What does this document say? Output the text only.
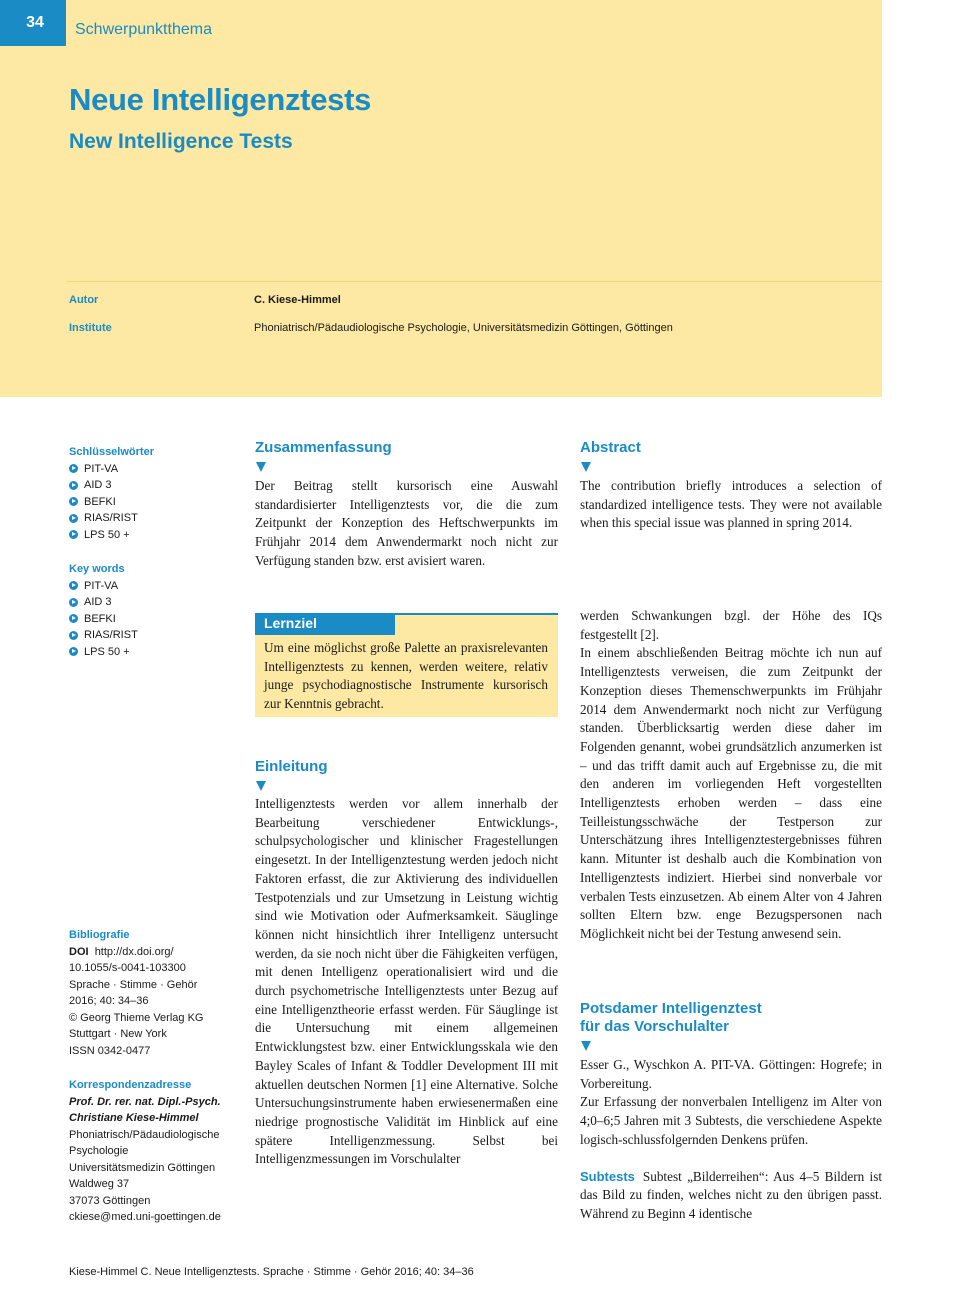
34	Schwerpunktthema
Neue Intelligenztests
New Intelligence Tests
Autor	C. Kiese-Himmel
Institute	Phoniatrisch/Pädaudiologische Psychologie, Universitätsmedizin Göttingen, Göttingen
Schlüsselwörter
PIT-VA
AID 3
BEFKI
RIAS/RIST
LPS 50 +
Key words
PIT-VA
AID 3
BEFKI
RIAS/RIST
LPS 50 +
Bibliografie
DOI http://dx.doi.org/
10.1055/s-0041-103300
Sprache · Stimme · Gehör
2016; 40: 34–36
© Georg Thieme Verlag KG
Stuttgart · New York
ISSN 0342-0477
Korrespondenzadresse
Prof. Dr. rer. nat. Dipl.-Psych.
Christiane Kiese-Himmel
Phoniatrisch/Pädaudiologische
Psychologie
Universitätsmedizin Göttingen
Waldweg 37
37073 Göttingen
ckiese@med.uni-goettingen.de
Zusammenfassung

Der Beitrag stellt kursorisch eine Auswahl standardisierter Intelligenztests vor, die die zum Zeitpunkt der Konzeption des Heftschwerpunkts im Frühjahr 2014 dem Anwendermarkt noch nicht zur Verfügung standen bzw. erst avisiert waren.

Abstract

The contribution briefly introduces a selection of standardized intelligence tests. They were not available when this special issue was planned in spring 2014.

Lernziel
Um eine möglichst große Palette an praxisrelevanten Intelligenztests zu kennen, werden weitere, relativ junge psychodiagnostische Instrumente kursorisch zur Kenntnis gebracht.
Einleitung

Intelligenztests werden vor allem innerhalb der Bearbeitung verschiedener Entwicklungs-, schulpsychologischer und klinischer Fragestellungen eingesetzt. In der Intelligenztestung werden jedoch nicht Faktoren erfasst, die zur Aktivierung des individuellen Testpotenzials und zur Umsetzung in Leistung wichtig sind wie Motivation oder Aufmerksamkeit. Säuglinge können nicht hinsichtlich ihrer Intelligenz untersucht werden, da sie noch nicht über die Fähigkeiten verfügen, mit denen Intelligenz operationalisiert wird und die durch psychometrische Intelligenztests unter Bezug auf eine Intelligenztheorie erfasst werden. Für Säuglinge ist die Untersuchung mit einem allgemeinen Entwicklungstest bzw. einer Entwicklungsskala wie den Bayley Scales of Infant & Toddler Development III mit aktuellen deutschen Normen [1] eine Alternative. Solche Untersuchungsinstrumente haben erwiesenermaßen eine niedrige prognostische Validität im Hinblick auf eine spätere Intelligenzmessung. Selbst bei Intelligenzmessungen im Vorschulalter

werden Schwankungen bzgl. der Höhe des IQs festgestellt [2].

In einem abschließenden Beitrag möchte ich nun auf Intelligenztests verweisen, die zum Zeitpunkt der Konzeption dieses Themenschwerpunkts im Frühjahr 2014 dem Anwendermarkt noch nicht zur Verfügung standen. Überblicksartig werden diese daher im Folgenden genannt, wobei grundsätzlich anzumerken ist – und das trifft damit auch auf Ergebnisse zu, die mit den anderen im vorliegenden Heft vorgestellten Intelligenztests erhoben werden – dass eine Teilleistungsschwäche der Testperson zur Unterschätzung ihres Intelligenztestergebnisses führen kann. Mitunter ist deshalb auch die Kombination von Intelligenztests indiziert. Hierbei sind nonverbale vor verbalen Tests einzusetzen. Ab einem Alter von 4 Jahren sollten Eltern bzw. enge Bezugspersonen nach Möglichkeit nicht bei der Testung anwesend sein.

Potsdamer Intelligenztest
für das Vorschulalter

Esser G., Wyschkon A. PIT-VA. Göttingen: Hogrefe; in Vorbereitung.

Zur Erfassung der nonverbalen Intelligenz im Alter von 4;0–6;5 Jahren mit 3 Subtests, die verschiedene Aspekte logisch-schlussfolgernden Denkens prüfen.

Subtests Subtest „Bilderreihen“: Aus 4–5 Bildern ist das Bild zu finden, welches nicht zu den übrigen passt. Während zu Beginn 4 identische

Kiese-Himmel C. Neue Intelligenztests. Sprache · Stimme · Gehör 2016; 40: 34–36
